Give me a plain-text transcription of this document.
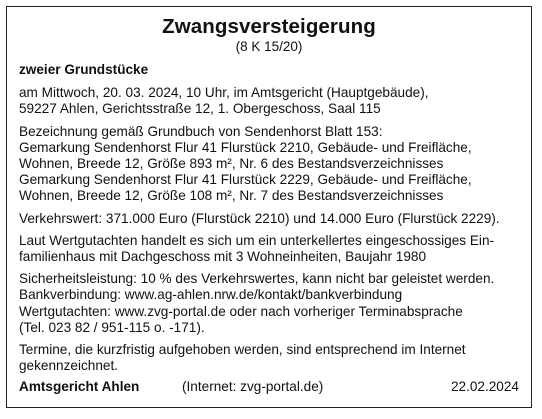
Zwangsversteigerung
(8 K 15/20)
zweier Grundstücke
am Mittwoch, 20. 03. 2024, 10 Uhr, im Amtsgericht (Hauptgebäude),
59227 Ahlen, Gerichtsstraße 12, 1. Obergeschoss, Saal 115
Bezeichnung gemäß Grundbuch von Sendenhorst Blatt 153:
Gemarkung Sendenhorst Flur 41 Flurstück 2210, Gebäude- und Freifläche,
Wohnen, Breede 12, Größe 893 m², Nr. 6 des Bestandsverzeichnisses
Gemarkung Sendenhorst Flur 41 Flurstück 2229, Gebäude- und Freifläche,
Wohnen, Breede 12, Größe 108 m², Nr. 7 des Bestandsverzeichnisses
Verkehrswert: 371.000 Euro (Flurstück 2210) und 14.000 Euro (Flurstück 2229).
Laut Wertgutachten handelt es sich um ein unterkellertes eingeschossiges Ein-
familienhaus mit Dachgeschoss mit 3 Wohneinheiten, Baujahr 1980
Sicherheitsleistung: 10 % des Verkehrswertes, kann nicht bar geleistet werden.
Bankverbindung: www.ag-ahlen.nrw.de/kontakt/bankverbindung
Wertgutachten: www.zvg-portal.de oder nach vorheriger Terminabsprache
(Tel. 023 82 / 951-115 o. -171).
Termine, die kurzfristig aufgehoben werden, sind entsprechend im Internet
gekennzeichnet.
Amtsgericht Ahlen	(Internet: zvg-portal.de)	22.02.2024
